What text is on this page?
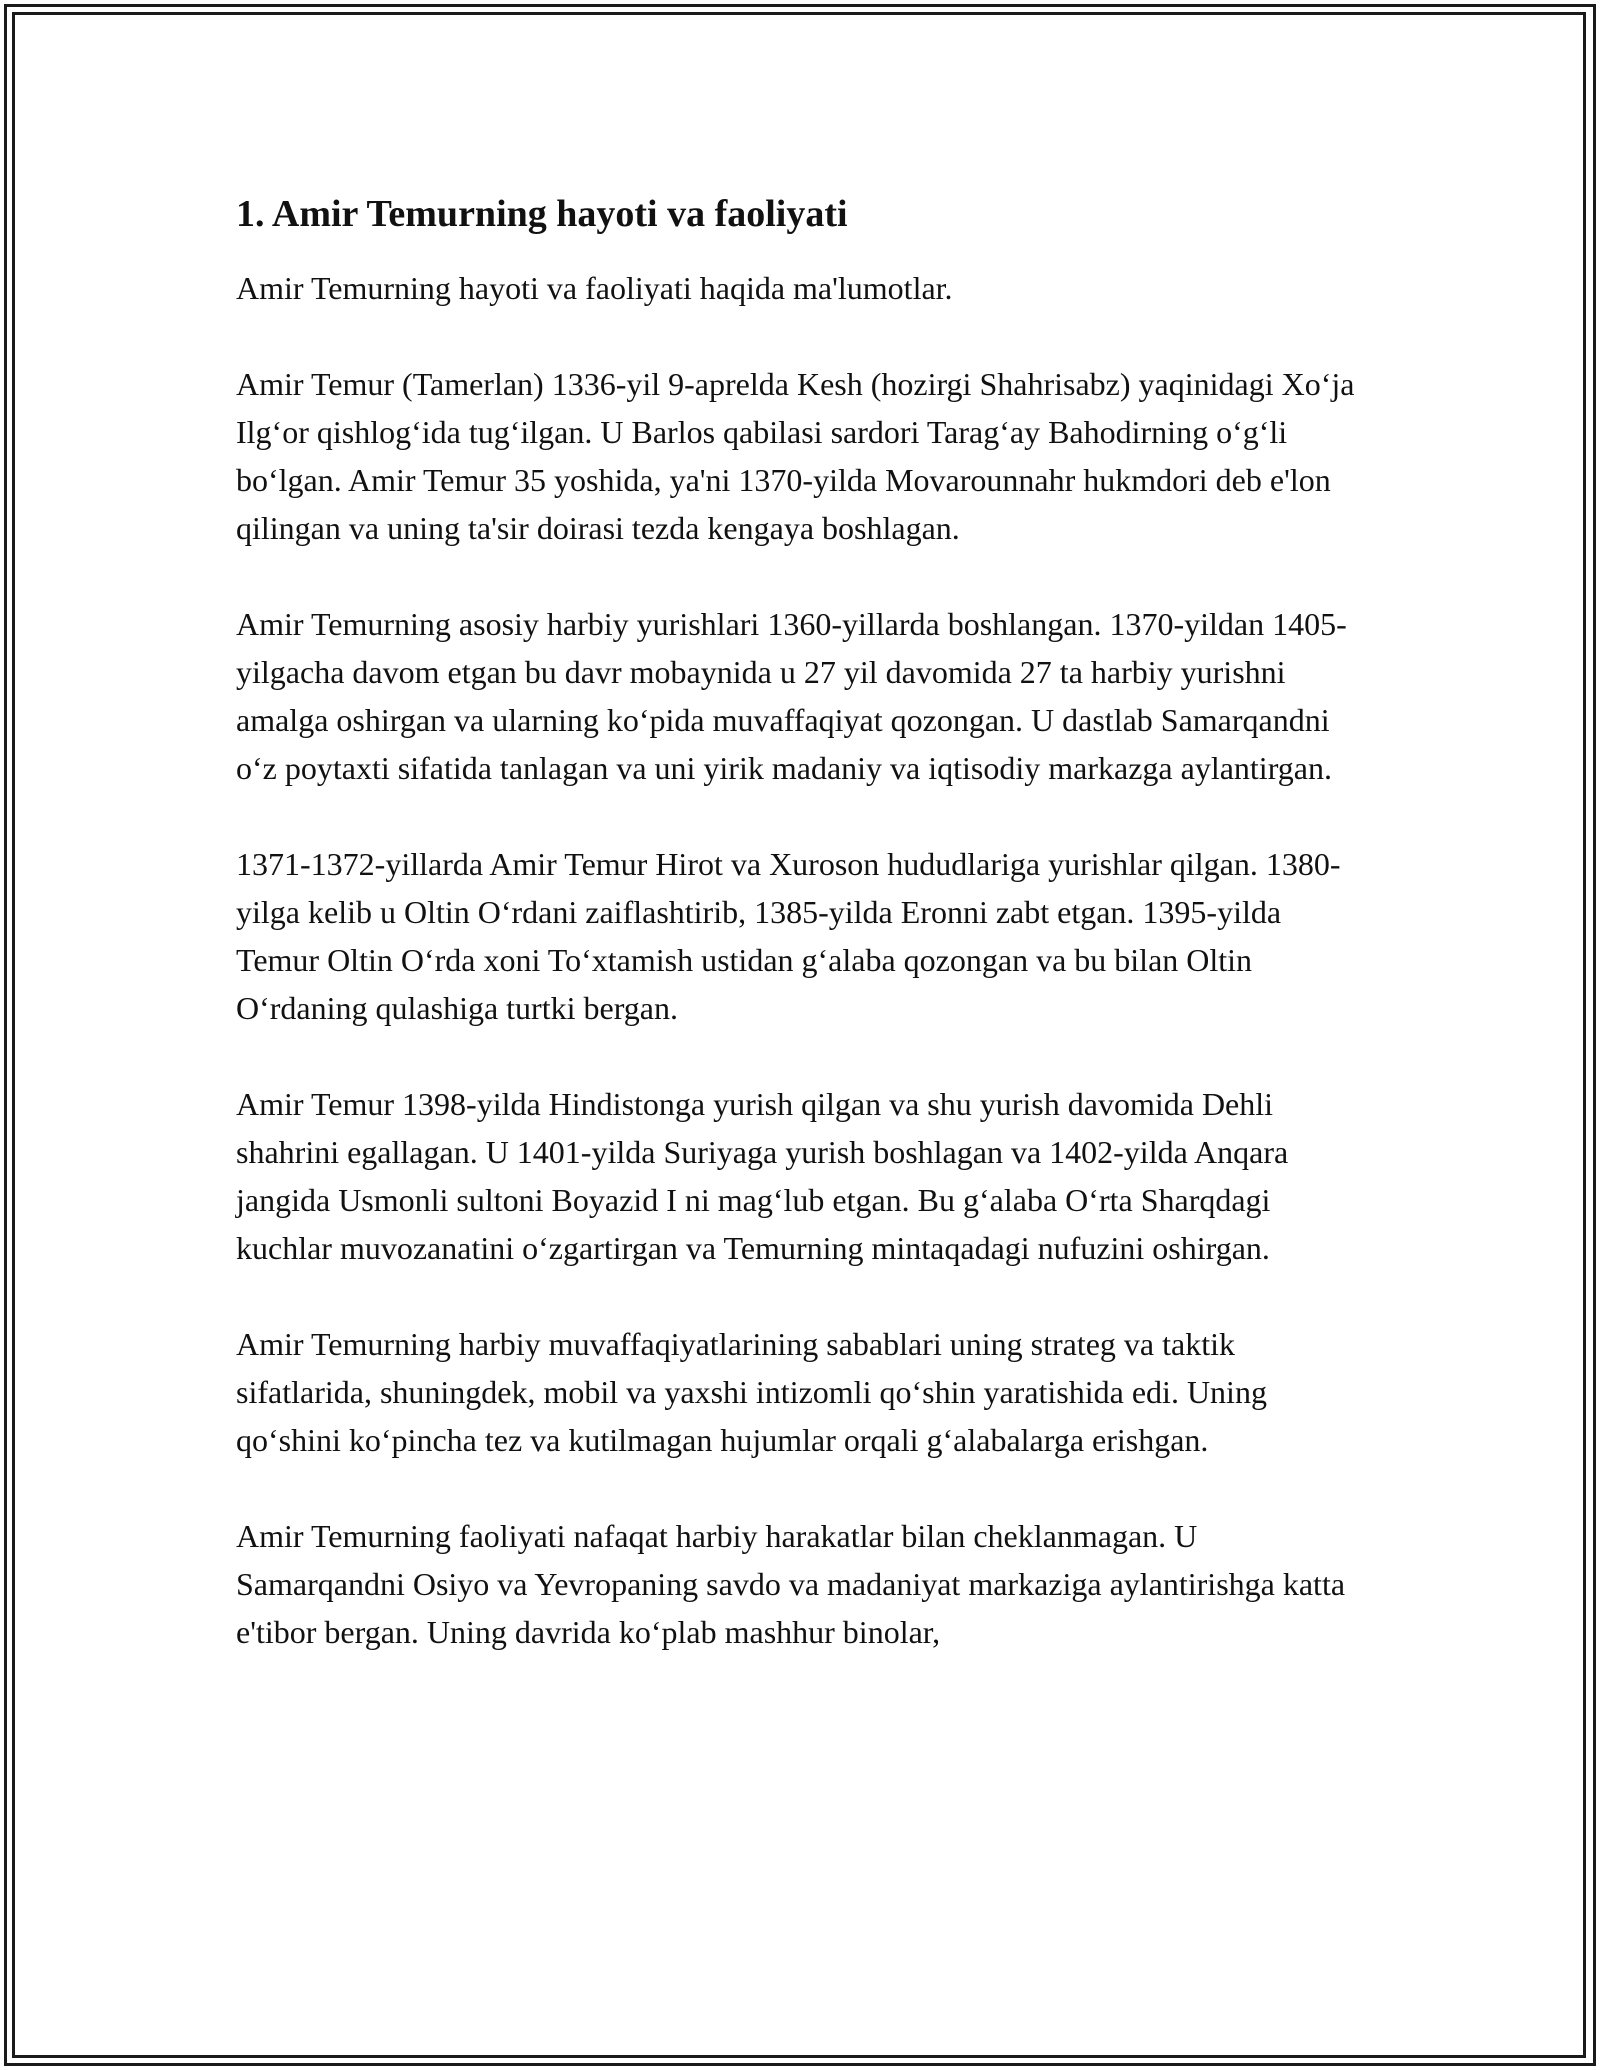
1. Amir Temurning hayoti va faoliyati

Amir Temurning hayoti va faoliyati haqida ma'lumotlar.

Amir Temur (Tamerlan) 1336-yil 9-aprelda Kesh (hozirgi Shahrisabz) yaqinidagi Xo‘ja Ilg‘or qishlog‘ida tug‘ilgan. U Barlos qabilasi sardori Tarag‘ay Bahodirning o‘g‘li bo‘lgan. Amir Temur 35 yoshida, ya'ni 1370-yilda Movarounnahr hukmdori deb e'lon qilingan va uning ta'sir doirasi tezda kengaya boshlagan.

Amir Temurning asosiy harbiy yurishlari 1360-yillarda boshlangan. 1370-yildan 1405-yilgacha davom etgan bu davr mobaynida u 27 yil davomida 27 ta harbiy yurishni amalga oshirgan va ularning ko‘pida muvaffaqiyat qozongan. U dastlab Samarqandni o‘z poytaxti sifatida tanlagan va uni yirik madaniy va iqtisodiy markazga aylantirgan.

1371-1372-yillarda Amir Temur Hirot va Xuroson hududlariga yurishlar qilgan. 1380-yilga kelib u Oltin O‘rdani zaiflashtirib, 1385-yilda Eronni zabt etgan. 1395-yilda Temur Oltin O‘rda xoni To‘xtamish ustidan g‘alaba qozongan va bu bilan Oltin O‘rdaning qulashiga turtki bergan.

Amir Temur 1398-yilda Hindistonga yurish qilgan va shu yurish davomida Dehli shahrini egallagan. U 1401-yilda Suriyaga yurish boshlagan va 1402-yilda Anqara jangida Usmonli sultoni Boyazid I ni mag‘lub etgan. Bu g‘alaba O‘rta Sharqdagi kuchlar muvozanatini o‘zgartirgan va Temurning mintaqadagi nufuzini oshirgan.

Amir Temurning harbiy muvaffaqiyatlarining sabablari uning strateg va taktik sifatlarida, shuningdek, mobil va yaxshi intizomli qo‘shin yaratishida edi. Uning qo‘shini ko‘pincha tez va kutilmagan hujumlar orqali g‘alabalarga erishgan.

Amir Temurning faoliyati nafaqat harbiy harakatlar bilan cheklanmagan. U Samarqandni Osiyo va Yevropaning savdo va madaniyat markaziga aylantirishga katta e'tibor bergan. Uning davrida ko‘plab mashhur binolar,
